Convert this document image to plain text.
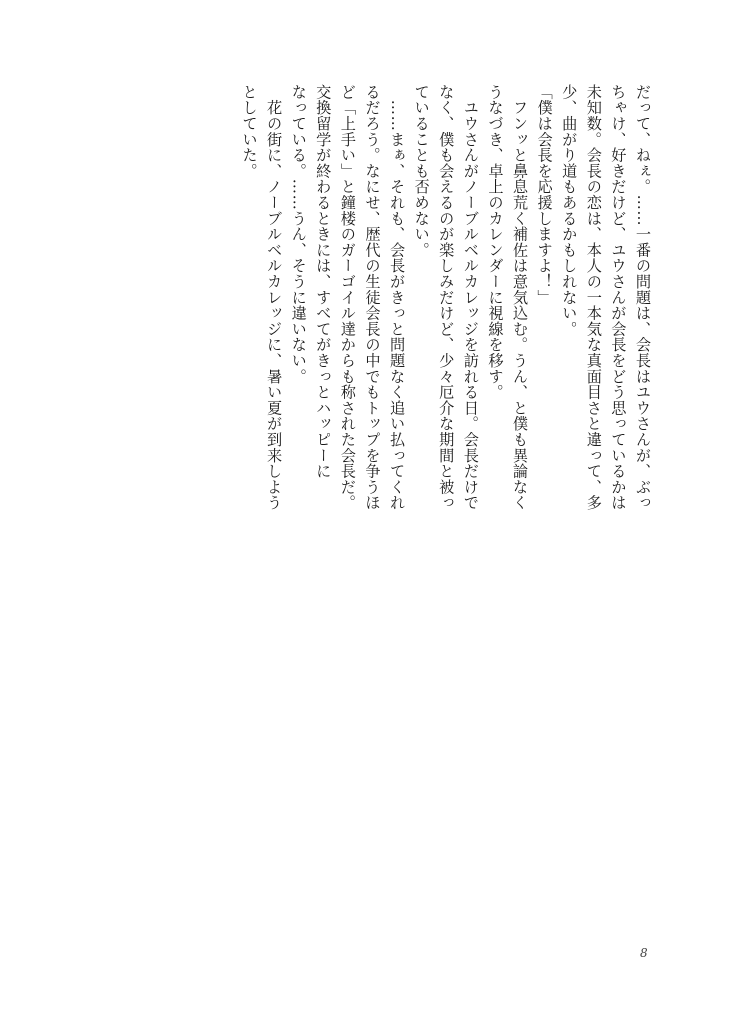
だって、ねぇ。……一番の問題は、会長はユウさんが、ぶっ
ちゃけ、好きだけど、ユウさんが会長をどう思っているかは
未知数。会長の恋は、本人の一本気な真面目さと違って、多
少、曲がり道もあるかもしれない。
「僕は会長を応援しますよ！」
　フンッと鼻息荒く補佐は意気込む。うん、と僕も異論なく
うなづき、卓上のカレンダーに視線を移す。
　ユウさんがノーブルベルカレッジを訪れる日。会長だけで
なく、僕も会えるのが楽しみだけど、少々厄介な期間と被っ
ていることも否めない。
　……まぁ、それも、会長がきっと問題なく追い払ってくれ
るだろう。なにせ、歴代の生徒会長の中でもトップを争うほ
ど「上手い」と鐘楼のガーゴイル達からも称された会長だ。
交換留学が終わるときには、すべてがきっとハッピーに
なっている。……うん、そうに違いない。
　花の街に、ノーブルベルカレッジに、暑い夏が到来しよう
としていた。
8
